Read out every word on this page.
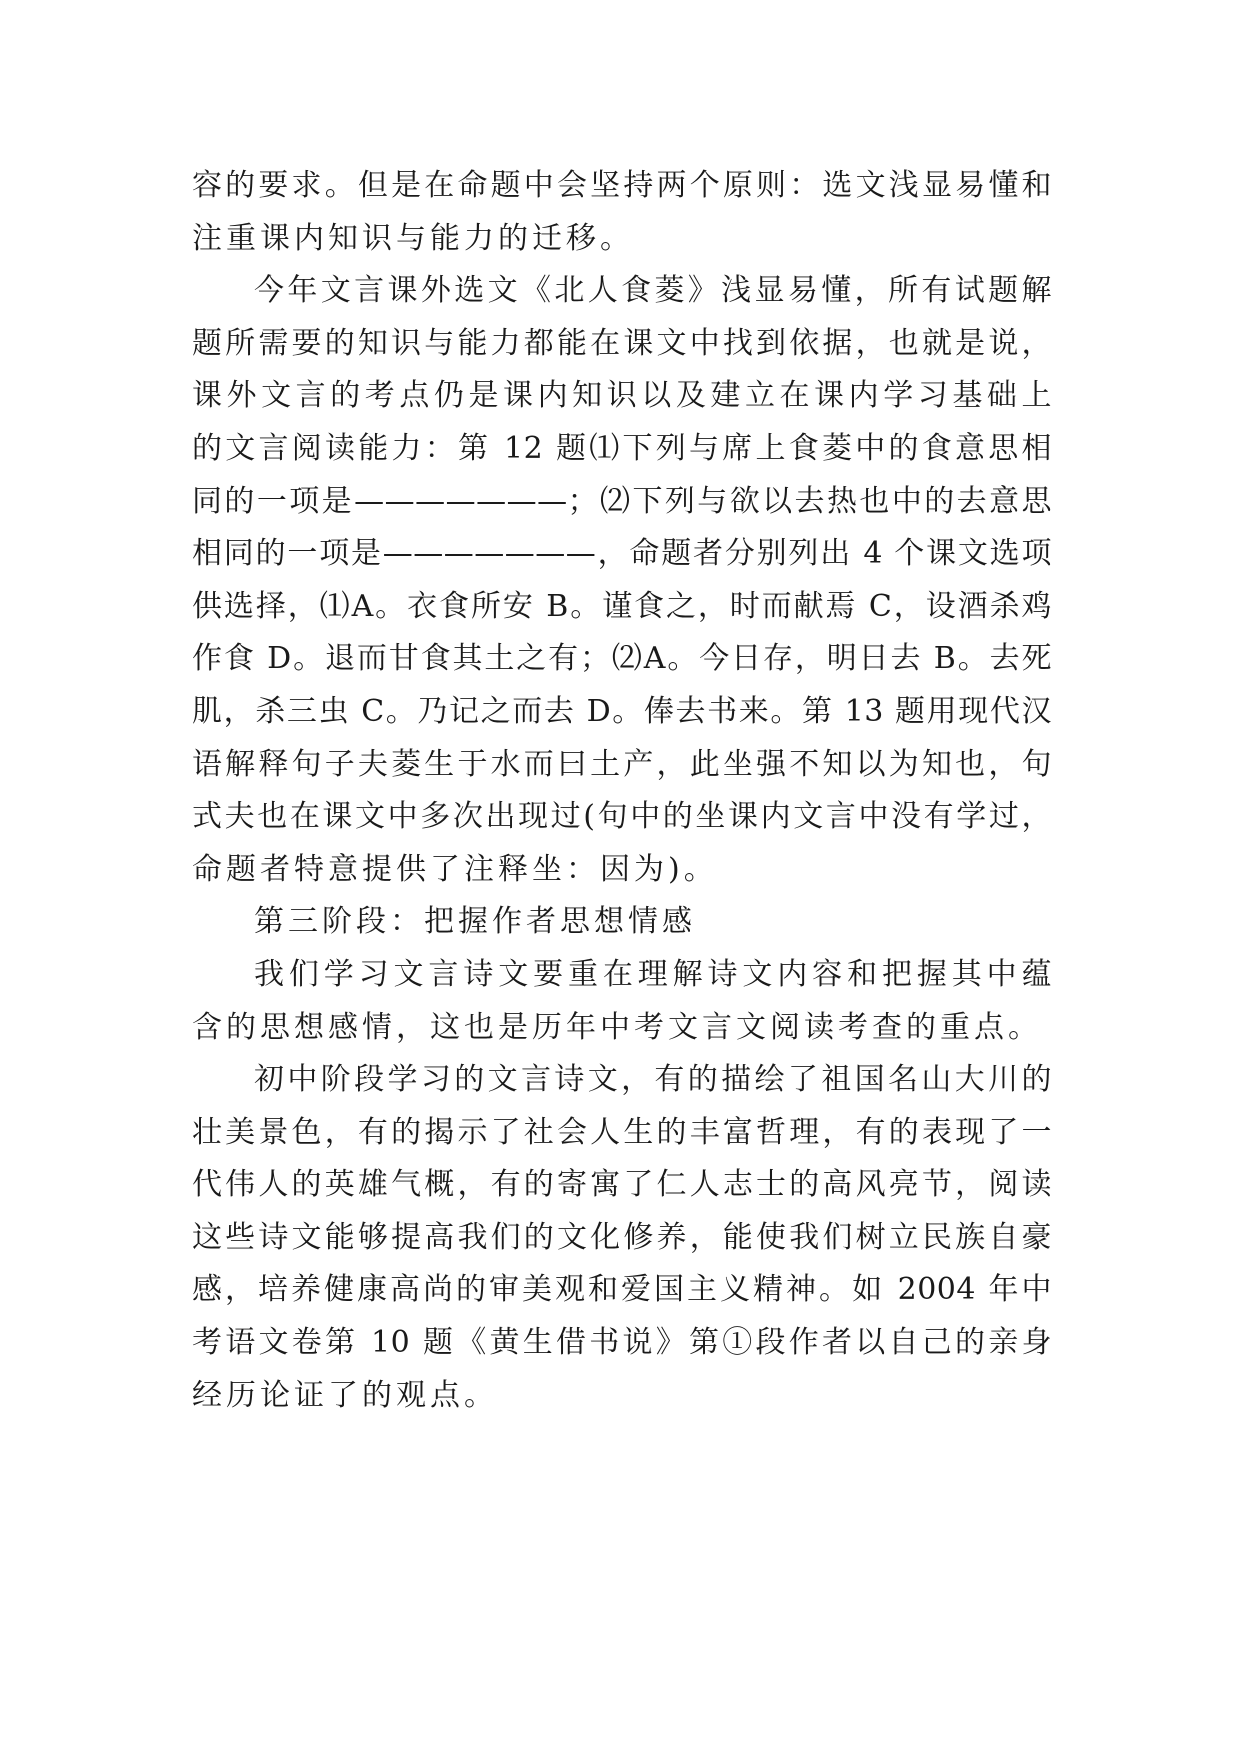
容的要求。但是在命题中会坚持两个原则：选文浅显易懂和
注重课内知识与能力的迁移。
今年文言课外选文《北人食菱》浅显易懂，所有试题解
题所需要的知识与能力都能在课文中找到依据，也就是说，
课外文言的考点仍是课内知识以及建立在课内学习基础上
的文言阅读能力：第 12 题⑴下列与席上食菱中的食意思相
同的一项是———————；⑵下列与欲以去热也中的去意思
相同的一项是———————，命题者分别列出 4 个课文选项
供选择，⑴A。衣食所安 B。谨食之，时而献焉 C，设酒杀鸡
作食 D。退而甘食其土之有；⑵A。今日存，明日去 B。去死
肌，杀三虫 C。乃记之而去 D。俸去书来。第 13 题用现代汉
语解释句子夫菱生于水而曰土产，此坐强不知以为知也，句
式夫也在课文中多次出现过(句中的坐课内文言中没有学过，
命题者特意提供了注释坐：因为)。
第三阶段：把握作者思想情感
我们学习文言诗文要重在理解诗文内容和把握其中蕴
含的思想感情，这也是历年中考文言文阅读考查的重点。
初中阶段学习的文言诗文，有的描绘了祖国名山大川的
壮美景色，有的揭示了社会人生的丰富哲理，有的表现了一
代伟人的英雄气概，有的寄寓了仁人志士的高风亮节，阅读
这些诗文能够提高我们的文化修养，能使我们树立民族自豪
感，培养健康高尚的审美观和爱国主义精神。如 2004 年中
考语文卷第 10 题《黄生借书说》第①段作者以自己的亲身
经历论证了的观点。
